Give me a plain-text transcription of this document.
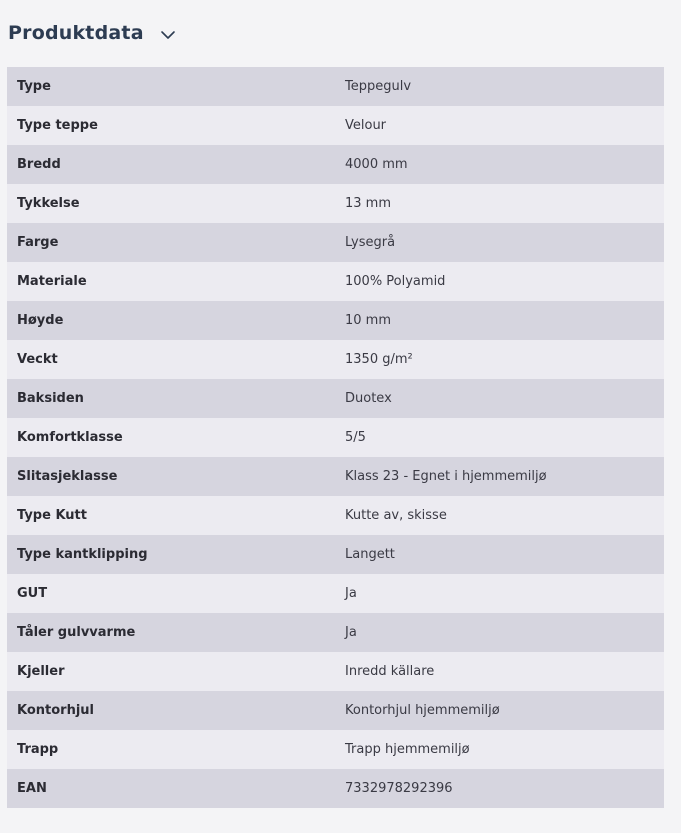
Produktdata
Type	Teppegulv
Type teppe	Velour
Bredd	4000 mm
Tykkelse	13 mm
Farge	Lysegrå
Materiale	100% Polyamid
Høyde	10 mm
Veckt	1350 g/m²
Baksiden	Duotex
Komfortklasse	5/5
Slitasjeklasse	Klass 23 - Egnet i hjemmemiljø
Type Kutt	Kutte av, skisse
Type kantklipping	Langett
GUT	Ja
Tåler gulvvarme	Ja
Kjeller	Inredd källare
Kontorhjul	Kontorhjul hjemmemiljø
Trapp	Trapp hjemmemiljø
EAN	7332978292396
